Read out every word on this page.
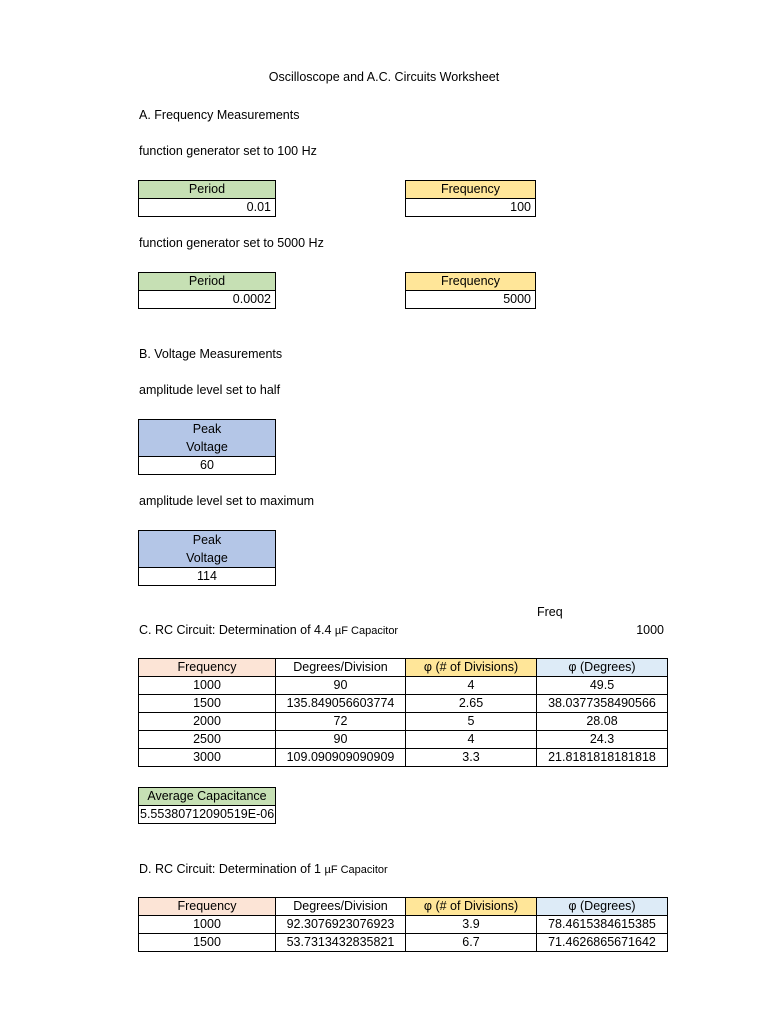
Oscilloscope and A.C. Circuits Worksheet
A. Frequency Measurements
function generator set to 100 Hz
Period
0.01
Frequency
100
function generator set to 5000 Hz
Period
0.0002
Frequency
5000
B. Voltage Measurements
amplitude level set to half
Peak
Voltage
60
amplitude level set to maximum
Peak
Voltage
114
Freq
C. RC Circuit: Determination of 4.4 µF Capacitor	1000
Frequency	Degrees/Division	φ (# of Divisions)	φ (Degrees)
1000	90	4	49.5
1500	135.849056603774	2.65	38.0377358490566
2000	72	5	28.08
2500	90	4	24.3
3000	109.090909090909	3.3	21.8181818181818
Average Capacitance
5.55380712090519E-06
D. RC Circuit: Determination of 1 µF Capacitor
Frequency	Degrees/Division	φ (# of Divisions)	φ (Degrees)
1000	92.3076923076923	3.9	78.4615384615385
1500	53.7313432835821	6.7	71.4626865671642
